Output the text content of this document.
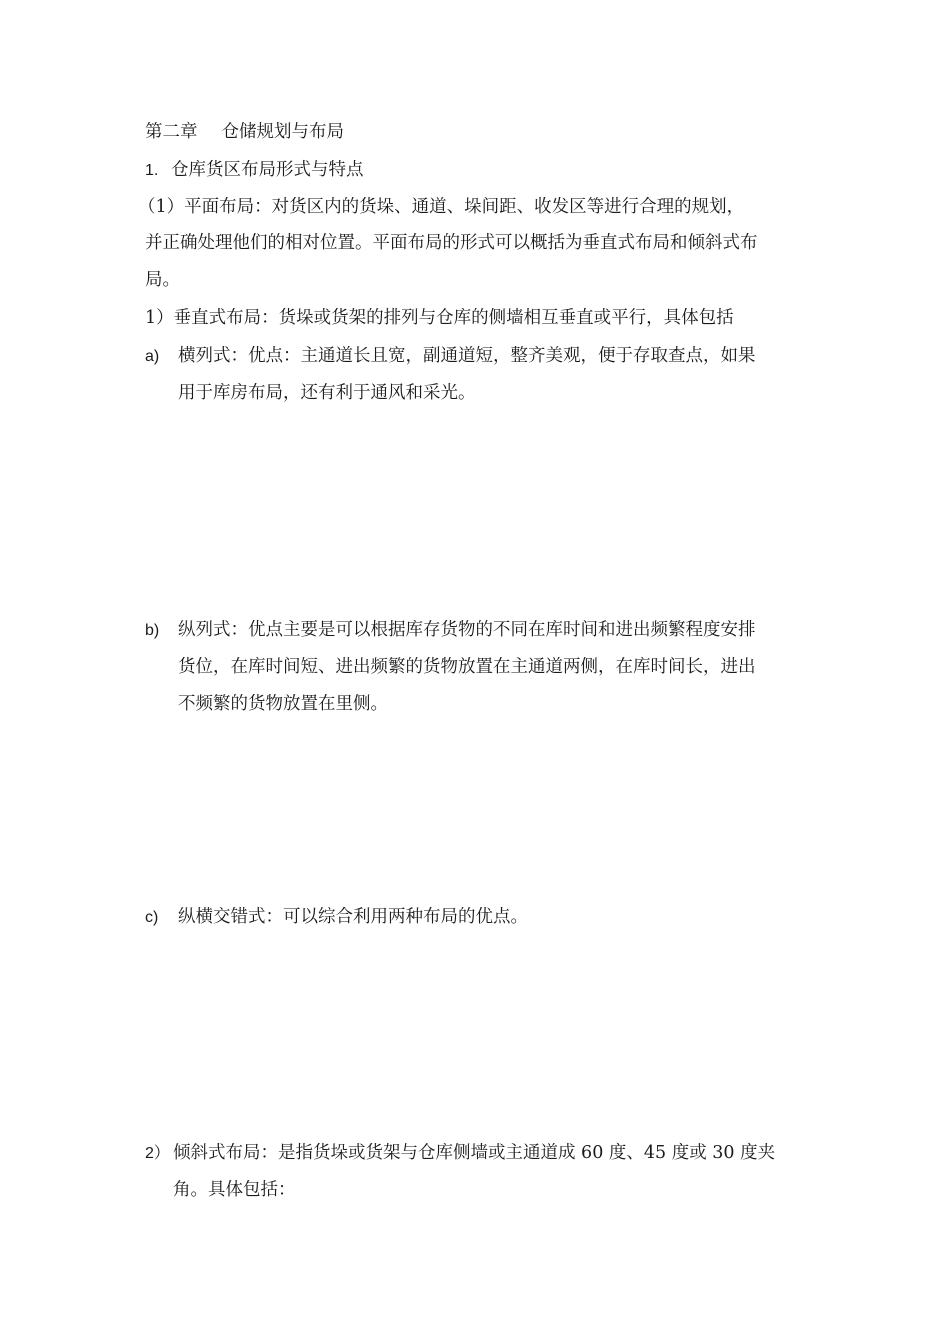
第二章 仓储规划与布局
1. 仓库货区布局形式与特点
（1）平面布局：对货区内的货垛、通道、垛间距、收发区等进行合理的规划，
并正确处理他们的相对位置。平面布局的形式可以概括为垂直式布局和倾斜式布
局。
1）垂直式布局：货垛或货架的排列与仓库的侧墙相互垂直或平行，具体包括
a) 横列式：优点：主通道长且宽，副通道短，整齐美观，便于存取查点，如果
用于库房布局，还有利于通风和采光。
b) 纵列式：优点主要是可以根据库存货物的不同在库时间和进出频繁程度安排
货位，在库时间短、进出频繁的货物放置在主通道两侧，在库时间长，进出
不频繁的货物放置在里侧。
c) 纵横交错式：可以综合利用两种布局的优点。
2） 倾斜式布局：是指货垛或货架与仓库侧墙或主通道成 60 度、45 度或 30 度夹
角。具体包括：
